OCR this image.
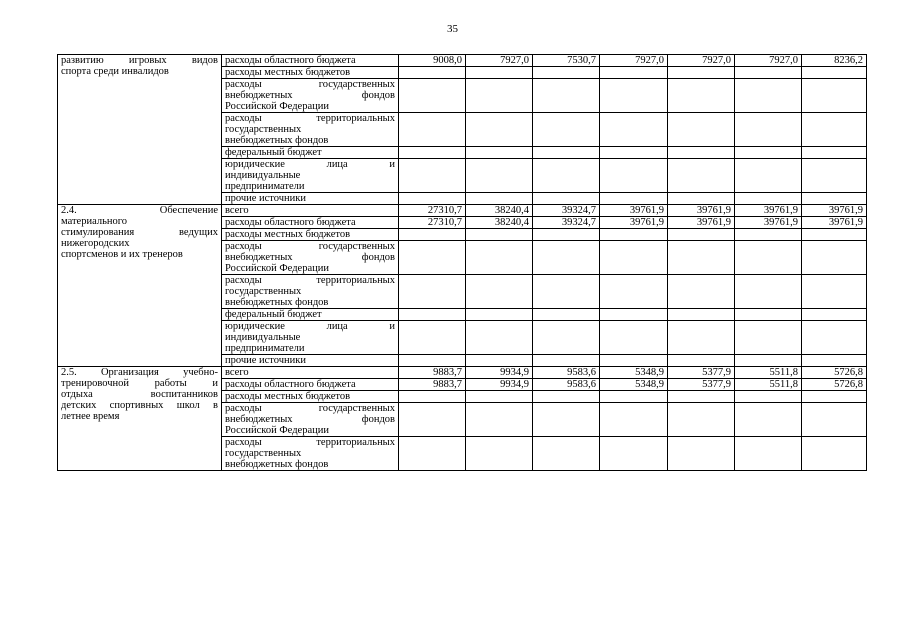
35
развитию игровых видов
спорта среди инвалидов	расходы областного бюджета	9008,0	7927,0	7530,7	7927,0	7927,0	7927,0	8236,2

	расходы местных бюджетов							

	расходы государственных
внебюджетных фондов
Российской Федерации							

	расходы территориальных
государственных
внебюджетных фондов							

	федеральный бюджет							

	юридические лица и
индивидуальные
предприниматели							

	прочие источники							

2.4. Обеспечение
материального
стимулирования ведущих
нижегородских
спортсменов и их тренеров	всего	27310,7	38240,4	39324,7	39761,9	39761,9	39761,9	39761,9

	расходы областного бюджета	27310,7	38240,4	39324,7	39761,9	39761,9	39761,9	39761,9

	расходы местных бюджетов							

	расходы государственных
внебюджетных фондов
Российской Федерации							

	расходы территориальных
государственных
внебюджетных фондов							

	федеральный бюджет							

	юридические лица и
индивидуальные
предприниматели							

	прочие источники							

2.5. Организация учебно-
тренировочной работы и
отдыха воспитанников
детских спортивных школ в
летнее время	всего	9883,7	9934,9	9583,6	5348,9	5377,9	5511,8	5726,8

	расходы областного бюджета	9883,7	9934,9	9583,6	5348,9	5377,9	5511,8	5726,8

	расходы местных бюджетов							

	расходы государственных
внебюджетных фондов
Российской Федерации							

	расходы территориальных
государственных
внебюджетных фондов							
